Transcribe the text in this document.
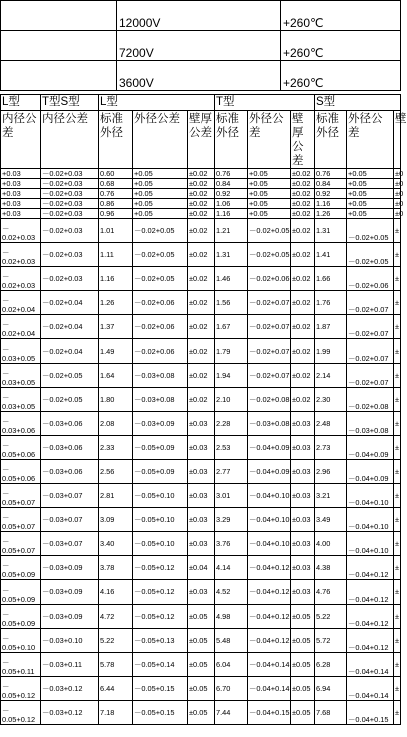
	12000V	+260℃
	7200V	+260℃
	3600V	+260℃
L型	T型S型	L型			T型			S型		
内径公差	内径公差	标准外径	外径公差	壁厚公差	标准外径	外径公差	壁厚公差	标准外径	外径公差	壁
+0.03	－0.02+0.03	0.60	+0.05	±0.02	0.76	+0.05	±0.02	0.76	+0.05	±0
+0.03	－0.02+0.03	0.68	+0.05	±0.02	0.84	+0.05	±0.02	0.84	+0.05	±0
+0.03	－0.02+0.03	0.76	+0.05	±0.02	0.92	+0.05	±0.02	0.92	+0.05	±0
+0.03	－0.02+0.03	0.86	+0.05	±0.02	1.06	+0.05	±0.02	1.16	+0.05	±0
+0.03	－0.02+0.03	0.96	+0.05	±0.02	1.16	+0.05	±0.02	1.26	+0.05	±0
－0.02+0.03	－0.02+0.03	1.01	－0.02+0.05	±0.02	1.21	－0.02+0.05	±0.02	1.31	－0.02+0.05	±
－0.02+0.03	－0.02+0.03	1.11	－0.02+0.05	±0.02	1.31	－0.02+0.05	±0.02	1.41	－0.02+0.05	±
－0.02+0.03	－0.02+0.03	1.16	－0.02+0.05	±0.02	1.46	－0.02+0.06	±0.02	1.66	－0.02+0.06	±
－0.02+0.04	－0.02+0.04	1.26	－0.02+0.06	±0.02	1.56	－0.02+0.07	±0.02	1.76	－0.02+0.07	±
－0.02+0.04	－0.02+0.04	1.37	－0.02+0.06	±0.02	1.67	－0.02+0.07	±0.02	1.87	－0.02+0.07	±
－0.03+0.05	－0.02+0.04	1.49	－0.02+0.06	±0.02	1.79	－0.02+0.07	±0.02	1.99	－0.02+0.07	±
－0.03+0.05	－0.02+0.05	1.64	－0.03+0.08	±0.02	1.94	－0.02+0.07	±0.02	2.14	－0.02+0.07	±
－0.03+0.05	－0.02+0.05	1.80	－0.03+0.08	±0.02	2.10	－0.02+0.08	±0.02	2.30	－0.02+0.08	±
－0.03+0.06	－0.03+0.06	2.08	－0.03+0.09	±0.03	2.28	－0.03+0.08	±0.03	2.48	－0.03+0.08	±
－0.05+0.06	－0.03+0.06	2.33	－0.05+0.09	±0.03	2.53	－0.04+0.09	±0.03	2.73	－0.04+0.09	±
－0.05+0.06	－0.03+0.06	2.56	－0.05+0.09	±0.03	2.77	－0.04+0.09	±0.03	2.96	－0.04+0.09	±
－0.05+0.07	－0.03+0.07	2.81	－0.05+0.10	±0.03	3.01	－0.04+0.10	±0.03	3.21	－0.04+0.10	±
－0.05+0.07	－0.03+0.07	3.09	－0.05+0.10	±0.03	3.29	－0.04+0.10	±0.03	3.49	－0.04+0.10	±
－0.05+0.07	－0.03+0.07	3.40	－0.05+0.10	±0.03	3.76	－0.04+0.10	±0.03	4.00	－0.04+0.10	±
－0.05+0.09	－0.03+0.09	3.78	－0.05+0.12	±0.04	4.14	－0.04+0.12	±0.03	4.38	－0.04+0.12	±
－0.05+0.09	－0.03+0.09	4.16	－0.05+0.12	±0.03	4.52	－0.04+0.12	±0.03	4.76	－0.04+0.12	±
－0.05+0.09	－0.03+0.09	4.72	－0.05+0.12	±0.05	4.98	－0.04+0.12	±0.05	5.22	－0.04+0.12	±
－0.05+0.10	－0.03+0.10	5.22	－0.05+0.13	±0.05	5.48	－0.04+0.12	±0.05	5.72	－0.04+0.12	±
－0.05+0.11	－0.03+0.11	5.78	－0.05+0.14	±0.05	6.04	－0.04+0.14	±0.05	6.28	－0.04+0.14	±
－0.05+0.12	－0.03+0.12	6.44	－0.05+0.15	±0.05	6.70	－0.04+0.14	±0.05	6.94	－0.04+0.14	±
－0.05+0.12	－0.03+0.12	7.18	－0.05+0.15	±0.05	7.44	－0.04+0.15	±0.05	7.68	－0.04+0.15	±
